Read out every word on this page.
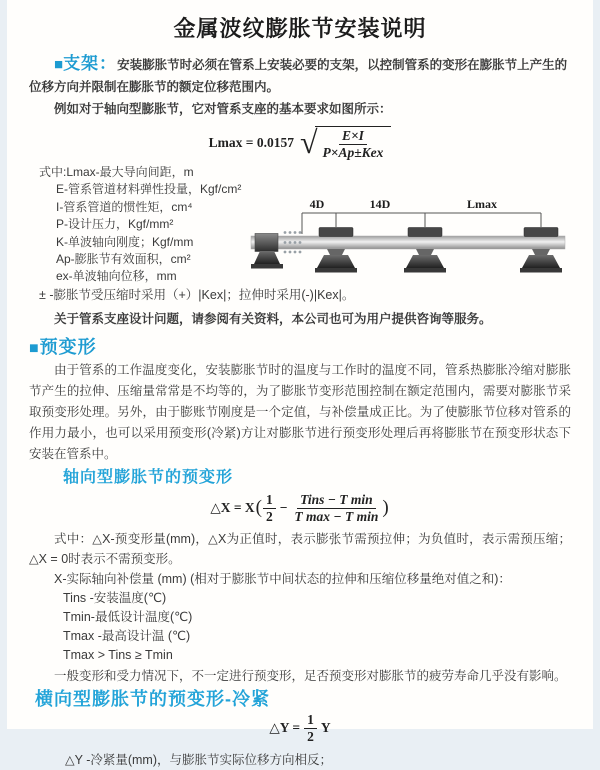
金属波纹膨胀节安装说明

■支架：安装膨胀节时必须在管系上安装必要的支架，以控制管系的变形在膨胀节上产生的位移方向并限制在膨胀节的额定位移范围内。

例如对于轴向型膨胀节，它对管系支座的基本要求如图所示：

Lmax = 0.0157 √ $\frac{E\times I}{\text{P×Ap±Kex}}$
式中:Lmax-最大导向间距，m
E-管系管道材料弹性投量，Kgf/cm²
I-管系管道的惯性矩，cm⁴
P-设计压力，Kgf/mm²
K-单波轴向刚度；Kgf/mm
Ap-膨胀节有效面积，cm²
ex-单波轴向位移，mm
4D	14D	Lmax

± -膨胀节受压缩时采用（+）|Kex|；拉伸时采用(-)|Kex|。

关于管系支座设计问题，请参阅有关资料，本公司也可为用户提供咨询等服务。

■预变形

由于管系的工作温度变化，安装膨胀节时的温度与工作时的温度不同，管系热膨胀冷缩对膨胀节产生的拉伸、压缩量常常是不均等的，为了膨胀节变形范围控制在额定范围内，需要对膨胀节采取预变形处理。另外，由于膨账节刚度是一个定值，与补偿量成正比。为了使膨胀节位移对管系的作用力最小，也可以采用预变形(冷紧)方让对膨胀节进行预变形处理后再将膨胀节在预变形状态下安装在管系中。

轴向型膨胀节的预变形
△X = X ( $\frac{1}{2} - \frac{\text{Tins − T min}}{\text{T max − T min}}$ )

式中：△X-预变形量(mm)，△X为正值时，表示膨张节需预拉伸；为负值时，表示需预压缩；△X = 0时表示不需预变形。

X-实际轴向补偿量 (mm) (相对于膨胀节中间状态的拉伸和压缩位移量绝对值之和)：

Tins -安装温度(℃)

Tmin-最低设计温度(℃)

Tmax -最高设计温 (℃)

Tmax > Tins ≥ Tmin

一般变形和受力情况下，不一定进行预变形，足否预变形对膨胀节的疲劳寿命几乎没有影响。

横向型膨胀节的预变形-冷紧
△Y = $\frac{1}{2}$ Y

△Y -冷紧量(mm)，与膨胀节实际位移方向相反；
